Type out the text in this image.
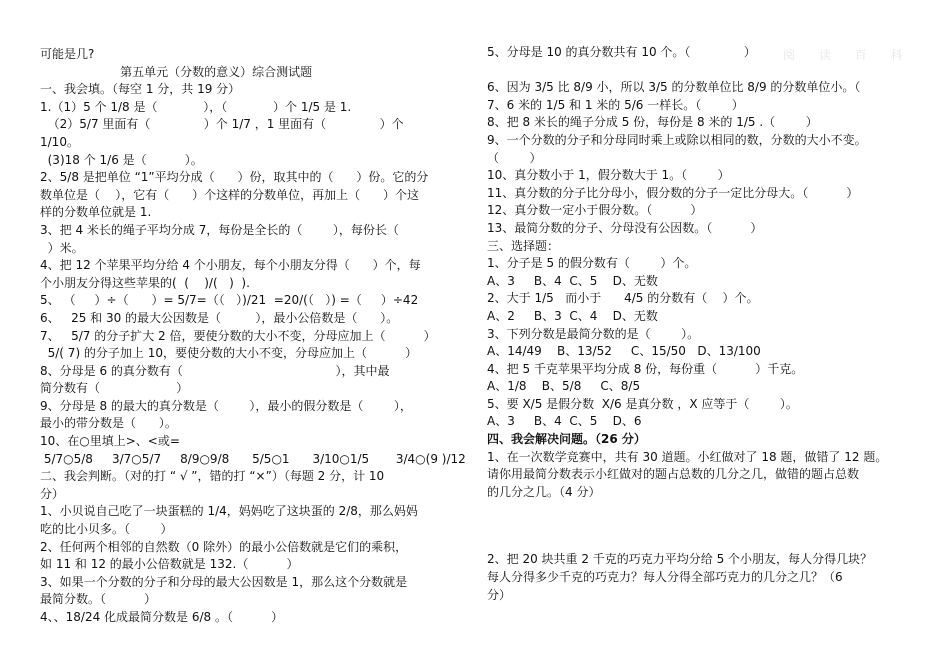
阅 读 百 科
可能是几?
第五单元（分数的意义）综合测试题
一、我会填。（每空 1 分，共 19 分）
1.（1）5 个 1/8 是（            ），（            ）个 1/5 是 1.
（2）5/7 里面有（              ）个 1/7 ，1 里面有（              ）个
1/10。
(3)18 个 1/6 是（          ）。
2、5/8 是把单位 “1”平均分成（      ）份，取其中的（      ）份。它的分
数单位是（    ），它有（      ）个这样的分数单位，再加上（      ）个这
样的分数单位就是 1.
3、把 4 米长的绳子平均分成 7，每份是全长的（        ），每份长（
）米。
4、把 12 个苹果平均分给 4 个小朋友，每个小朋友分得（      ）个，每
个小朋友分得这些苹果的(  (    )/(   )  ).
5、 （     ）÷（      ）= 5/7=（（   ）)/21  =20/(（   ）) =（     ）÷42
6、   25 和 30 的最大公因数是（         ），最小公倍数是（      ）。
7、   5/7 的分子扩大 2 倍，要使分数的大小不变，分母应加上（          ）
5/( 7) 的分子加上 10，要使分数的大小不变，分母应加上（          ）
8、分母是 6 的真分数有（                                        ），其中最
简分数有（                    ）
9、分母是 8 的最大的真分数是（        ），最小的假分数是（        ），
最小的带分数是（      ）。
10、在○里填上>、<或=
5/7○5/8     3/7○5/7     8/9○9/8      5/5○1      3/10○1/5       3/4○(9 )/12
二、我会判断。（对的打 “ √ ”，错的打 “×”）（每题 2 分，计 10
分）
1、小贝说自己吃了一块蛋糕的 1/4，妈妈吃了这块蛋的 2/8，那么妈妈
吃的比小贝多。（        ）
2、任何两个相邻的自然数（0 除外）的最小公倍数就是它们的乘积，
如 11 和 12 的最小公倍数就是 132.（          ）
3、如果一个分数的分子和分母的最大公因数是 1，那么这个分数就是
最简分数。（          ）
4、、18/24 化成最简分数是 6/8 。（          ）
5、分母是 10 的真分数共有 10 个。（              ）
6、因为 3/5 比 8/9 小，所以 3/5 的分数单位比 8/9 的分数单位小。（
7、6 米的 1/5 和 1 米的 5/6 一样长。（        ）
8、把 8 米长的绳子分成 5 份，每份是 8 米的 1/5 .（        ）
9、一个分数的分子和分母同时乘上或除以相同的数，分数的大小不变。
（        ）
10、真分数小于 1，假分数大于 1。（        ）
11、真分数的分子比分母小，假分数的分子一定比分母大。（          ）
12、真分数一定小于假分数。（          ）
13、最简分数的分子、分母没有公因数。（          ）
三、选择题：
1、分子是 5 的假分数有（        ）个。
A、3     B、4  C、5    D、无数
2、大于 1/5   而小于      4/5 的分数有（    ）个。
A、2     B、3  C、4    D、无数
3、下列分数是最简分数的是（        ）。
A、14/49    B、13/52     C、15/50   D、13/100
4、把 5 千克苹果平均分成 8 份，每份重（          ）千克。
A、1/8    B、5/8     C、8/5
5、要 X/5 是假分数  X/6 是真分数 ，X 应等于（        ）。
A、3     B、4  C、5    D、6
四、我会解决问题。（26 分）
1、在一次数学竞赛中，共有 30 道题。小红做对了 18 题，做错了 12 题。
请你用最简分数表示小红做对的题占总数的几分之几，做错的题占总数
的几分之几。（4 分）
2、把 20 块共重 2 千克的巧克力平均分给 5 个小朋友，每人分得几块？
每人分得多少千克的巧克力？每人分得全部巧克力的几分之几？（6
分）
